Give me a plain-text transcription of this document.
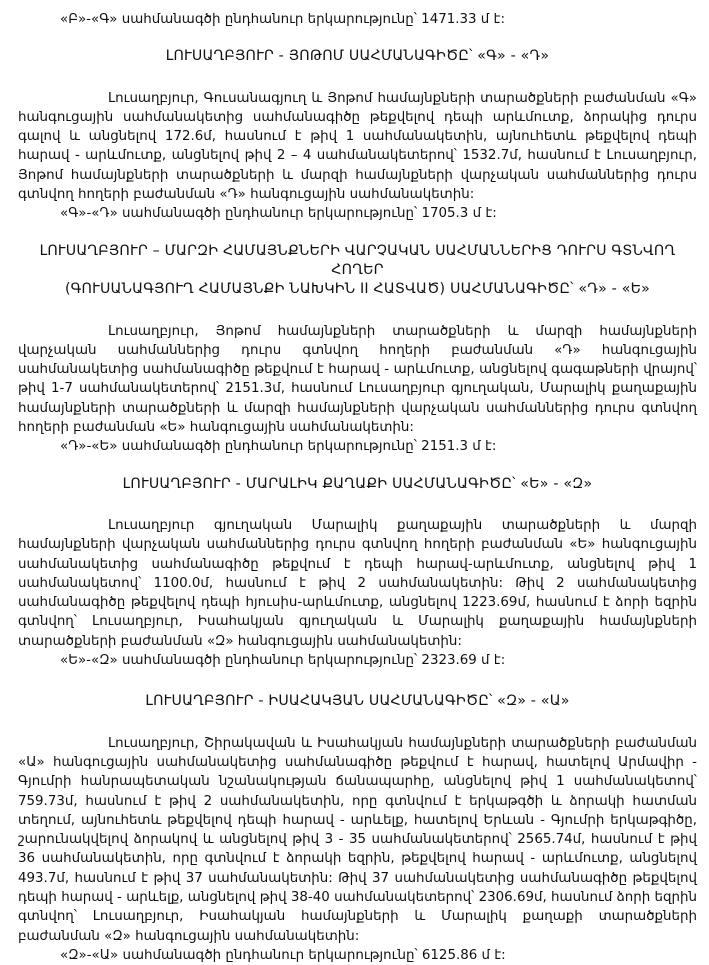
«Բ»-«Գ» սահմանագծի ընդհանուր երկարությունը՝ 1471.33 մ է:

ԼՈՒՍԱՂԲՅՈՒՐ - ՅՈԹՈՄ ՍԱՀՄԱՆԱԳԻԾԸ՝ «Գ» - «Դ»

Լուսաղբյուր, Գուսանագյուղ և Յոթոմ համայնքների տարածքների բաժանման «Գ» հանգուցային սահմանակետից սահմանագիծը թեքվելով դեպի արևմուտք, ձորակից դուրս գալով և անցնելով 172.6մ, հասնում է թիվ 1 սահմանակետին, այնուհետև թեքվելով դեպի հարավ - արևմուտք, անցնելով թիվ 2 – 4 սահմանակետերով՝ 1532.7մ, հասնում է Լուսաղբյուր, Յոթոմ համայնքների տարածքների և մարզի համայնքների վարչական սահմաններից դուրս գտնվող հողերի բաժանման «Դ» հանգուցային սահմանակետին:

«Գ»-«Դ» սահմանագծի ընդհանուր երկարությունը՝ 1705.3 մ է:

ԼՈՒՍԱՂԲՅՈՒՐ – ՄԱՐԶԻ ՀԱՄԱՅՆՔՆԵՐԻ ՎԱՐՉԱԿԱՆ ՍԱՀՄԱՆՆԵՐԻՑ ԴՈՒՐՍ ԳՏՆՎՈՂ ՀՈՂԵՐ

(ԳՈՒՍԱՆԱԳՅՈՒՂ ՀԱՄԱՅՆՔԻ ՆԱԽԿԻՆ II ՀԱՏՎԱԾ) ՍԱՀՄԱՆԱԳԻԾԸ՝ «Դ» - «Ե»

Լուսաղբյուր, Յոթոմ համայնքների տարածքների և մարզի համայնքների վարչական սահմաններից դուրս գտնվող հողերի բաժանման «Դ» հանգուցային սահմանակետից սահմանագիծը թեքվում է հարավ - արևմուտք, անցնելով գագաթների վրայով՝ թիվ 1-7 սահմանակետերով՝ 2151.3մ, հասնում Լուսաղբյուր գյուղական, Մարալիկ քաղաքային համայնքների տարածքների և մարզի համայնքների վարչական սահմաններից դուրս գտնվող հողերի բաժանման «Ե» հանգուցային սահմանակետին:

«Դ»-«Ե» սահմանագծի ընդհանուր երկարությունը՝ 2151.3 մ է:

ԼՈՒՍԱՂԲՅՈՒՐ - ՄԱՐԱԼԻԿ ՔԱՂԱՔԻ ՍԱՀՄԱՆԱԳԻԾԸ՝ «Ե» - «Զ»

Լուսաղբյուր գյուղական Մարալիկ քաղաքային տարածքների և մարզի համայնքների վարչական սահմաններից դուրս գտնվող հողերի բաժանման «Ե» հանգուցային սահմանակետից սահմանագիծը թեքվում է դեպի հարավ-արևմուտք, անցնելով թիվ 1 սահմանակետով՝ 1100.0մ, հասնում է թիվ 2 սահմանակետին: Թիվ 2 սահմանակետից սահմանագիծը թեքվելով դեպի հյուսիս-արևմուտք, անցնելով 1223.69մ, հասնում է ձորի եզրին գտնվող՝ Լուսաղբյուր, Իսահակյան գյուղական և Մարալիկ քաղաքային համայնքների տարածքների բաժանման «Զ» հանգուցային սահմանակետին:

«Ե»-«Զ» սահմանագծի ընդհանուր երկարությունը՝ 2323.69 մ է:

ԼՈՒՍԱՂԲՅՈՒՐ - ԻՍԱՀԱԿՅԱՆ ՍԱՀՄԱՆԱԳԻԾԸ՝ «Զ» - «Ա»

Լուսաղբյուր, Շիրակավան և Իսահակյան համայնքների տարածքների բաժանման «Ա» հանգուցային սահմանակետից սահմանագիծը թեքվում է հարավ, հատելով Արմավիր - Գյումրի հանրապետական նշանակության ճանապարհը, անցնելով թիվ 1 սահմանակետով՝ 759.73մ, հասնում է թիվ 2 սահմանակետին, որը գտնվում է երկաթգծի և ձորակի հատման տեղում, այնուհետև թեքվելով դեպի հարավ - արևելք, հատելով Երևան - Գյումրի երկաթգիծը, շարունակվելով ձորակով և անցնելով թիվ 3 - 35 սահմանակետերով՝ 2565.74մ, հասնում է թիվ 36 սահմանակետին, որը գտնվում է ձորակի եզրին, թեքվելով հարավ - արևմուտք, անցնելով 493.7մ, հասնում է թիվ 37 սահմանակետին: Թիվ 37 սահմանակետից սահմանագիծը թեքվելով դեպի հարավ - արևելք, անցնելով թիվ 38-40 սահմանակետերով՝ 2306.69մ, հասնում ձորի եզրին գտնվող՝ Լուսաղբյուր, Իսահակյան համայնքների և Մարալիկ քաղաքի տարածքների բաժանման «Զ» հանգուցային սահմանակետին:

«Զ»-«Ա» սահմանագծի ընդհանուր երկարությունը՝ 6125.86 մ է:
